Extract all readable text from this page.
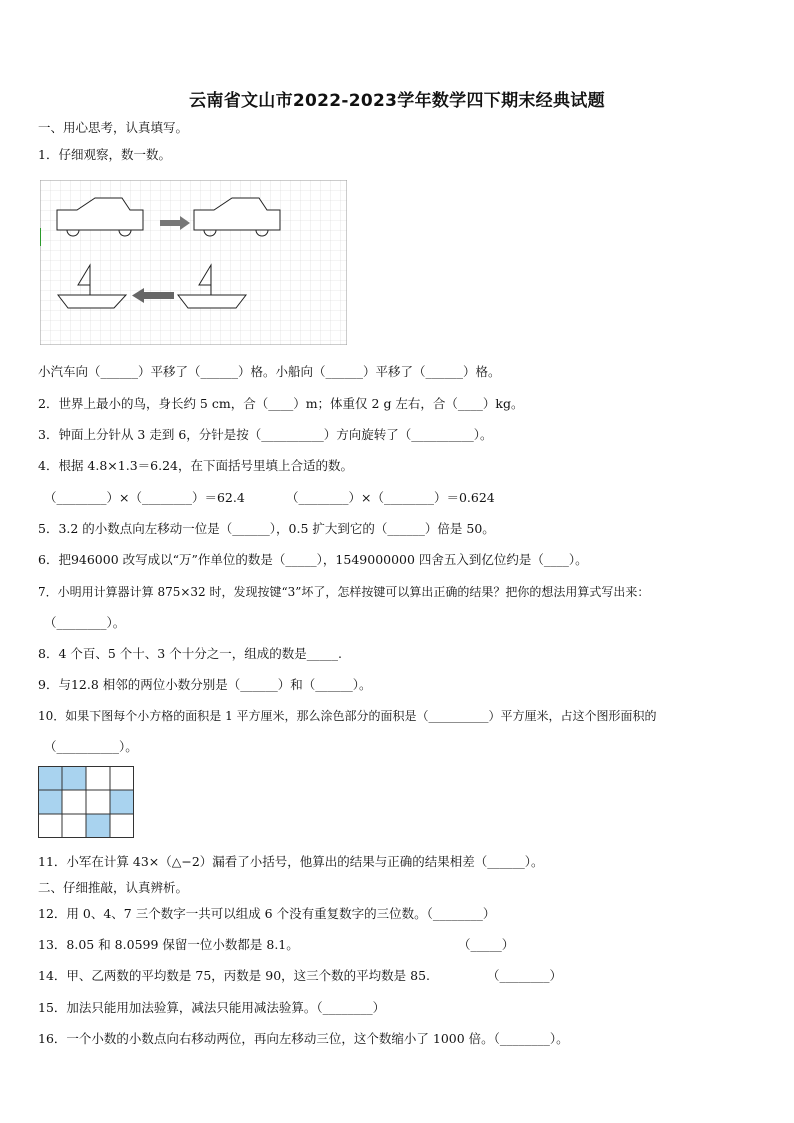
云南省文山市2022-2023学年数学四下期末经典试题
一、用心思考，认真填写。
1．仔细观察，数一数。
小汽车向（______）平移了（______）格。小船向（______）平移了（______）格。
2．世界上最小的鸟，身长约 5 cm，合（____）m；体重仅 2 g 左右，合（____）kg。
3．钟面上分针从 3 走到 6，分针是按（__________）方向旋转了（__________）。
4．根据 4.8×1.3＝6.24，在下面括号里填上合适的数。
（________）×（________）＝62.4	（________）×（________）＝0.624
5．3.2 的小数点向左移动一位是（______），0.5 扩大到它的（______）倍是 50。
6．把946000 改写成以“万”作单位的数是（_____），1549000000 四舍五入到亿位约是（____）。
7．小明用计算器计算 875×32 时，发现按键“3”坏了，怎样按键可以算出正确的结果？把你的想法用算式写出来：
（________）。
8．4 个百、5 个十、3 个十分之一，组成的数是_____.
9．与12.8 相邻的两位小数分别是（______）和（______）。
10．如果下图每个小方格的面积是 1 平方厘米，那么涂色部分的面积是（__________）平方厘米，占这个图形面积的
（__________）。
11．小军在计算 43×（△−2）漏看了小括号，他算出的结果与正确的结果相差（______）。
二、仔细推敲，认真辨析。
12．用 0、4、7 三个数字一共可以组成 6 个没有重复数字的三位数。（________）
13．8.05 和 8.0599 保留一位小数都是 8.1。	（_____）
14．甲、乙两数的平均数是 75，丙数是 90，这三个数的平均数是 85.	（________）
15．加法只能用加法验算，减法只能用减法验算。（________）
16．一个小数的小数点向右移动两位，再向左移动三位，这个数缩小了 1000 倍。（________）。
